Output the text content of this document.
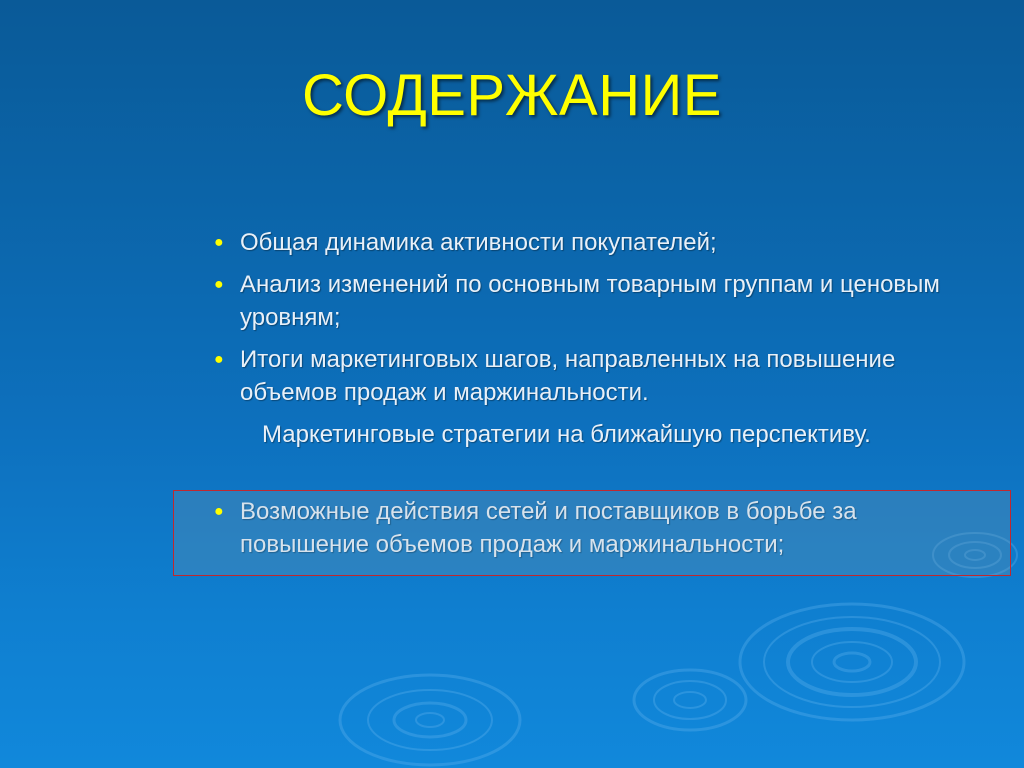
СОДЕРЖАНИЕ
● Общая динамика активности покупателей;
● Анализ изменений по основным товарным группам и ценовым уровням;
● Итоги маркетинговых шагов, направленных на повышение объемов продаж и маржинальности.
Маркетинговые стратегии на ближайшую перспективу.
● Возможные действия сетей и поставщиков в борьбе за повышение объемов продаж и маржинальности;
